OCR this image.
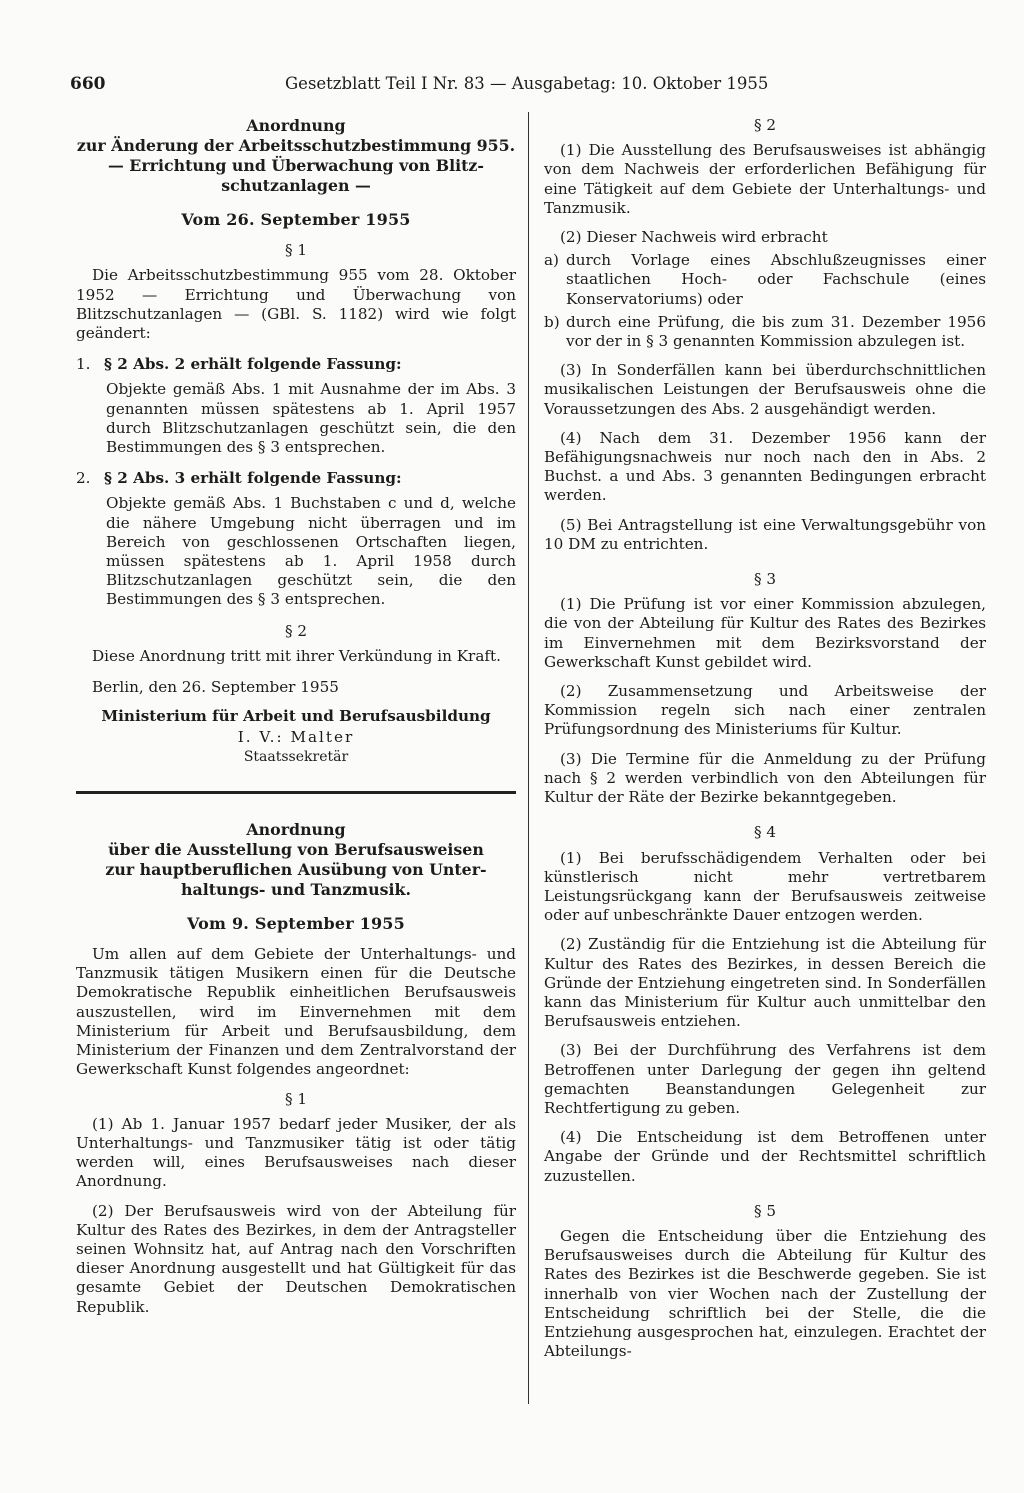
660	Gesetzblatt Teil I Nr. 83 — Ausgabetag: 10. Oktober 1955
Anordnung
zur Änderung der Arbeitsschutzbestimmung 955.
— Errichtung und Überwachung von Blitz-
schutzanlagen —
Vom 26. September 1955
§ 1

Die Arbeitsschutzbestimmung 955 vom 28. Oktober 1952 — Errichtung und Überwachung von Blitzschutzanlagen — (GBl. S. 1182) wird wie folgt geändert:

1. § 2 Abs. 2 erhält folgende Fassung:
Objekte gemäß Abs. 1 mit Ausnahme der im Abs. 3 genannten müssen spätestens ab 1. April 1957 durch Blitzschutzanlagen geschützt sein, die den Bestimmungen des § 3 entsprechen.
2. § 2 Abs. 3 erhält folgende Fassung:
Objekte gemäß Abs. 1 Buchstaben c und d, welche die nähere Umgebung nicht überragen und im Bereich von geschlossenen Ortschaften liegen, müssen spätestens ab 1. April 1958 durch Blitzschutzanlagen geschützt sein, die den Bestimmungen des § 3 entsprechen.
§ 2

Diese Anordnung tritt mit ihrer Verkündung in Kraft.

Berlin, den 26. September 1955
Ministerium für Arbeit und Berufsausbildung
I. V.: Malter
Staatssekretär
Anordnung
über die Ausstellung von Berufsausweisen
zur hauptberuflichen Ausübung von Unter-
haltungs- und Tanzmusik.
Vom 9. September 1955

Um allen auf dem Gebiete der Unterhaltungs- und Tanzmusik tätigen Musikern einen für die Deutsche Demokratische Republik einheitlichen Berufsausweis auszustellen, wird im Einvernehmen mit dem Ministerium für Arbeit und Berufsausbildung, dem Ministerium der Finanzen und dem Zentralvorstand der Gewerkschaft Kunst folgendes angeordnet:

§ 1

(1) Ab 1. Januar 1957 bedarf jeder Musiker, der als Unterhaltungs- und Tanzmusiker tätig ist oder tätig werden will, eines Berufsausweises nach dieser Anordnung.

(2) Der Berufsausweis wird von der Abteilung für Kultur des Rates des Bezirkes, in dem der Antragsteller seinen Wohnsitz hat, auf Antrag nach den Vorschriften dieser Anordnung ausgestellt und hat Gültigkeit für das gesamte Gebiet der Deutschen Demokratischen Republik.

§ 2

(1) Die Ausstellung des Berufsausweises ist abhängig von dem Nachweis der erforderlichen Befähigung für eine Tätigkeit auf dem Gebiete der Unterhaltungs- und Tanzmusik.

(2) Dieser Nachweis wird erbracht

a) durch Vorlage eines Abschlußzeugnisses einer staatlichen Hoch- oder Fachschule (eines Konservatoriums) oder
b) durch eine Prüfung, die bis zum 31. Dezember 1956 vor der in § 3 genannten Kommission abzulegen ist.

(3) In Sonderfällen kann bei überdurchschnittlichen musikalischen Leistungen der Berufsausweis ohne die Voraussetzungen des Abs. 2 ausgehändigt werden.

(4) Nach dem 31. Dezember 1956 kann der Befähigungsnachweis nur noch nach den in Abs. 2 Buchst. a und Abs. 3 genannten Bedingungen erbracht werden.

(5) Bei Antragstellung ist eine Verwaltungsgebühr von 10 DM zu entrichten.

§ 3

(1) Die Prüfung ist vor einer Kommission abzulegen, die von der Abteilung für Kultur des Rates des Bezirkes im Einvernehmen mit dem Bezirksvorstand der Gewerkschaft Kunst gebildet wird.

(2) Zusammensetzung und Arbeitsweise der Kommission regeln sich nach einer zentralen Prüfungsordnung des Ministeriums für Kultur.

(3) Die Termine für die Anmeldung zu der Prüfung nach § 2 werden verbindlich von den Abteilungen für Kultur der Räte der Bezirke bekanntgegeben.

§ 4

(1) Bei berufsschädigendem Verhalten oder bei künstlerisch nicht mehr vertretbarem Leistungsrückgang kann der Berufsausweis zeitweise oder auf unbeschränkte Dauer entzogen werden.

(2) Zuständig für die Entziehung ist die Abteilung für Kultur des Rates des Bezirkes, in dessen Bereich die Gründe der Entziehung eingetreten sind. In Sonderfällen kann das Ministerium für Kultur auch unmittelbar den Berufsausweis entziehen.

(3) Bei der Durchführung des Verfahrens ist dem Betroffenen unter Darlegung der gegen ihn geltend gemachten Beanstandungen Gelegenheit zur Rechtfertigung zu geben.

(4) Die Entscheidung ist dem Betroffenen unter Angabe der Gründe und der Rechtsmittel schriftlich zuzustellen.

§ 5

Gegen die Entscheidung über die Entziehung des Berufsausweises durch die Abteilung für Kultur des Rates des Bezirkes ist die Beschwerde gegeben. Sie ist innerhalb von vier Wochen nach der Zustellung der Entscheidung schriftlich bei der Stelle, die die Entziehung ausgesprochen hat, einzulegen. Erachtet der Abteilungs-
